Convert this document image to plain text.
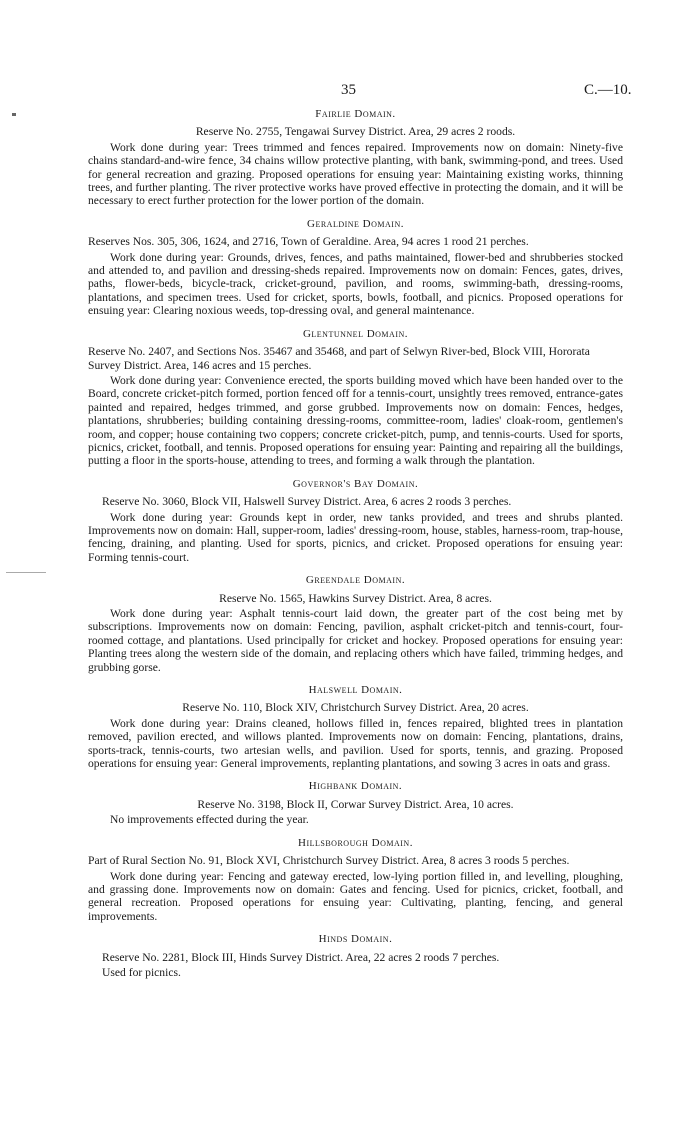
35	C.—10.
Fairlie Domain.

Reserve No. 2755, Tengawai Survey District. Area, 29 acres 2 roods.

Work done during year: Trees trimmed and fences repaired. Improvements now on domain: Ninety-five chains standard-and-wire fence, 34 chains willow protective planting, with bank, swimming-pond, and trees. Used for general recreation and grazing. Proposed operations for ensuing year: Maintaining existing works, thinning trees, and further planting. The river protective works have proved effective in protecting the domain, and it will be necessary to erect further protection for the lower portion of the domain.

Geraldine Domain.

Reserves Nos. 305, 306, 1624, and 2716, Town of Geraldine. Area, 94 acres 1 rood 21 perches.

Work done during year: Grounds, drives, fences, and paths maintained, flower-bed and shrubberies stocked and attended to, and pavilion and dressing-sheds repaired. Improvements now on domain: Fences, gates, drives, paths, flower-beds, bicycle-track, cricket-ground, pavilion, and rooms, swimming-bath, dressing-rooms, plantations, and specimen trees. Used for cricket, sports, bowls, football, and picnics. Proposed operations for ensuing year: Clearing noxious weeds, top-dressing oval, and general maintenance.

Glentunnel Domain.

Reserve No. 2407, and Sections Nos. 35467 and 35468, and part of Selwyn River-bed, Block VIII, Hororata Survey District. Area, 146 acres and 15 perches.

Work done during year: Convenience erected, the sports building moved which have been handed over to the Board, concrete cricket-pitch formed, portion fenced off for a tennis-court, unsightly trees removed, entrance-gates painted and repaired, hedges trimmed, and gorse grubbed. Improvements now on domain: Fences, hedges, plantations, shrubberies; building containing dressing-rooms, committee-room, ladies' cloak-room, gentlemen's room, and copper; house containing two coppers; concrete cricket-pitch, pump, and tennis-courts. Used for sports, picnics, cricket, football, and tennis. Proposed operations for ensuing year: Painting and repairing all the buildings, putting a floor in the sports-house, attending to trees, and forming a walk through the plantation.

Governor's Bay Domain.

Reserve No. 3060, Block VII, Halswell Survey District. Area, 6 acres 2 roods 3 perches.

Work done during year: Grounds kept in order, new tanks provided, and trees and shrubs planted. Improvements now on domain: Hall, supper-room, ladies' dressing-room, house, stables, harness-room, trap-house, fencing, draining, and planting. Used for sports, picnics, and cricket. Proposed operations for ensuing year: Forming tennis-court.

Greendale Domain.

Reserve No. 1565, Hawkins Survey District. Area, 8 acres.

Work done during year: Asphalt tennis-court laid down, the greater part of the cost being met by subscriptions. Improvements now on domain: Fencing, pavilion, asphalt cricket-pitch and tennis-court, four-roomed cottage, and plantations. Used principally for cricket and hockey. Proposed operations for ensuing year: Planting trees along the western side of the domain, and replacing others which have failed, trimming hedges, and grubbing gorse.

Halswell Domain.

Reserve No. 110, Block XIV, Christchurch Survey District. Area, 20 acres.

Work done during year: Drains cleaned, hollows filled in, fences repaired, blighted trees in plantation removed, pavilion erected, and willows planted. Improvements now on domain: Fencing, plantations, drains, sports-track, tennis-courts, two artesian wells, and pavilion. Used for sports, tennis, and grazing. Proposed operations for ensuing year: General improvements, replanting plantations, and sowing 3 acres in oats and grass.

Highbank Domain.

Reserve No. 3198, Block II, Corwar Survey District. Area, 10 acres.

No improvements effected during the year.

Hillsborough Domain.

Part of Rural Section No. 91, Block XVI, Christchurch Survey District. Area, 8 acres 3 roods 5 perches.

Work done during year: Fencing and gateway erected, low-lying portion filled in, and levelling, ploughing, and grassing done. Improvements now on domain: Gates and fencing. Used for picnics, cricket, football, and general recreation. Proposed operations for ensuing year: Cultivating, planting, fencing, and general improvements.

Hinds Domain.

Reserve No. 2281, Block III, Hinds Survey District. Area, 22 acres 2 roods 7 perches.

Used for picnics.
